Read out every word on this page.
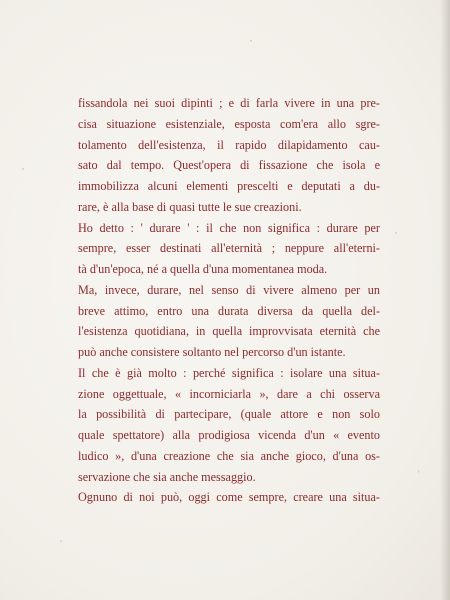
fissandola nei suoi dipinti ; e di farla vivere in una pre-
cisa situazione esistenziale, esposta com'era allo sgre-
tolamento dell'esistenza, il rapido dilapidamento cau-
sato dal tempo. Quest'opera di fissazione che isola e
immobilizza alcuni elementi prescelti e deputati a du-
rare, è alla base di quasi tutte le sue creazioni.
Ho detto : ' durare ' : il che non significa : durare per
sempre, esser destinati all'eternità ; neppure all'eterni-
tà d'un'epoca, né a quella d'una momentanea moda.
Ma, invece, durare, nel senso di vivere almeno per un
breve attimo, entro una durata diversa da quella del-
l'esistenza quotidiana, in quella improvvisata eternità che
può anche consistere soltanto nel percorso d'un istante.
Il che è già molto : perché significa : isolare una situa-
zione oggettuale, « incorniciarla », dare a chi osserva
la possibilità di partecipare, (quale attore e non solo
quale spettatore) alla prodigiosa vicenda d'un « evento
ludico », d'una creazione che sia anche gioco, d'una os-
servazione che sia anche messaggio.
Ognuno di noi può, oggi come sempre, creare una situa-
